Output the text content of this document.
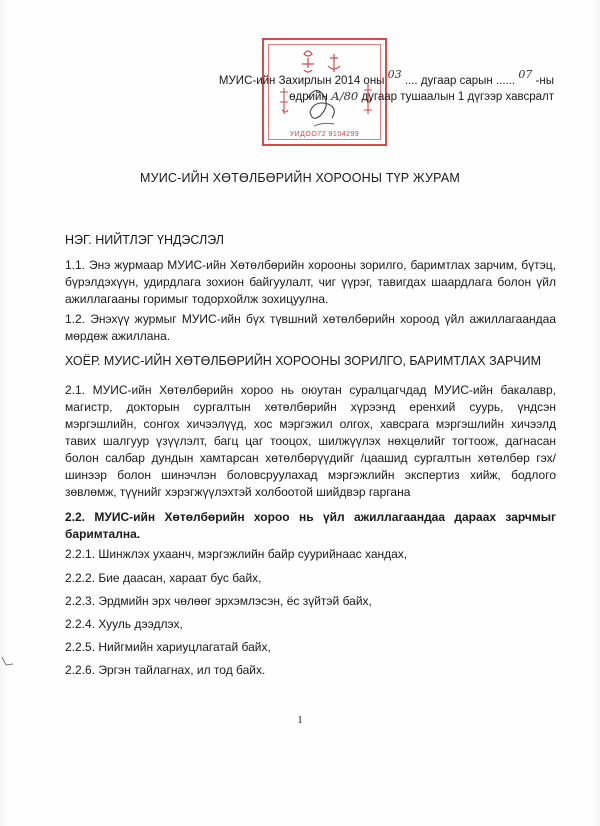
УИДОО72 9104299
МУИС-ийн Захирлын 2014 оны 03 .... дугаар сарын ...... 07 -ны
өдрийн А/80 дугаар тушаалын 1 дүгээр хавсралт
МУИС-ИЙН ХӨТӨЛБӨРИЙН ХОРООНЫ ТҮР ЖУРАМ
НЭГ. НИЙТЛЭГ ҮНДЭСЛЭЛ
1.1. Энэ журмаар МУИС-ийн Хөтөлбөрийн хорооны зорилго, баримтлах зарчим, бүтэц, бүрэлдэхүүн, удирдлага зохион байгуулалт, чиг үүрэг, тавигдах шаардлага болон үйл ажиллагааны горимыг тодорхойлж зохицуулна.
1.2. Энэхүү журмыг МУИС-ийн бүх түвшний хөтөлбөрийн хороод үйл ажиллагаандаа мөрдөж ажиллана.
ХОЁР. МУИС-ИЙН ХӨТӨЛБӨРИЙН ХОРООНЫ ЗОРИЛГО, БАРИМТЛАХ ЗАРЧИМ
2.1. МУИС-ийн Хөтөлбөрийн хороо нь оюутан суралцагчдад МУИС-ийн бакалавр, магистр, докторын сургалтын хөтөлбөрийн хүрээнд еренхий суурь, үндсэн мэргэшлийн, сонгох хичээлүүд, хос мэргэжил олгох, хавсрага мэргэшлийн хичээлд тавих шалгуур үзүүлэлт, багц цаг тооцох, шилжүүлэх нөхцөлийг тогтоож, дагнасан болон салбар дундын хамтарсан хөтөлбөрүүдийг /цаашид сургалтын хөтөлбөр гэх/ шинээр болон шинэчлэн боловсруулахад мэргэжлийн экспертиз хийж, бодлого зөвлөмж, түүнийг хэрэгжүүлэхтэй холбоотой шийдвэр гаргана
2.2. МУИС-ийн Хөтөлбөрийн хороо нь үйл ажиллагаандаа дараах зарчмыг баримтална.
2.2.1. Шинжлэх ухаанч, мэргэжлийн байр суурийнаас хандах,
2.2.2. Бие даасан, хараат бус байх,
2.2.3. Эрдмийн эрх чөлөөг эрхэмлэсэн, ёс зүйтэй байх,
2.2.4. Хууль дээдлэх,
2.2.5. Нийгмийн хариуцлагатай байх,
2.2.6. Эргэн тайлагнах, ил тод байх.
1
